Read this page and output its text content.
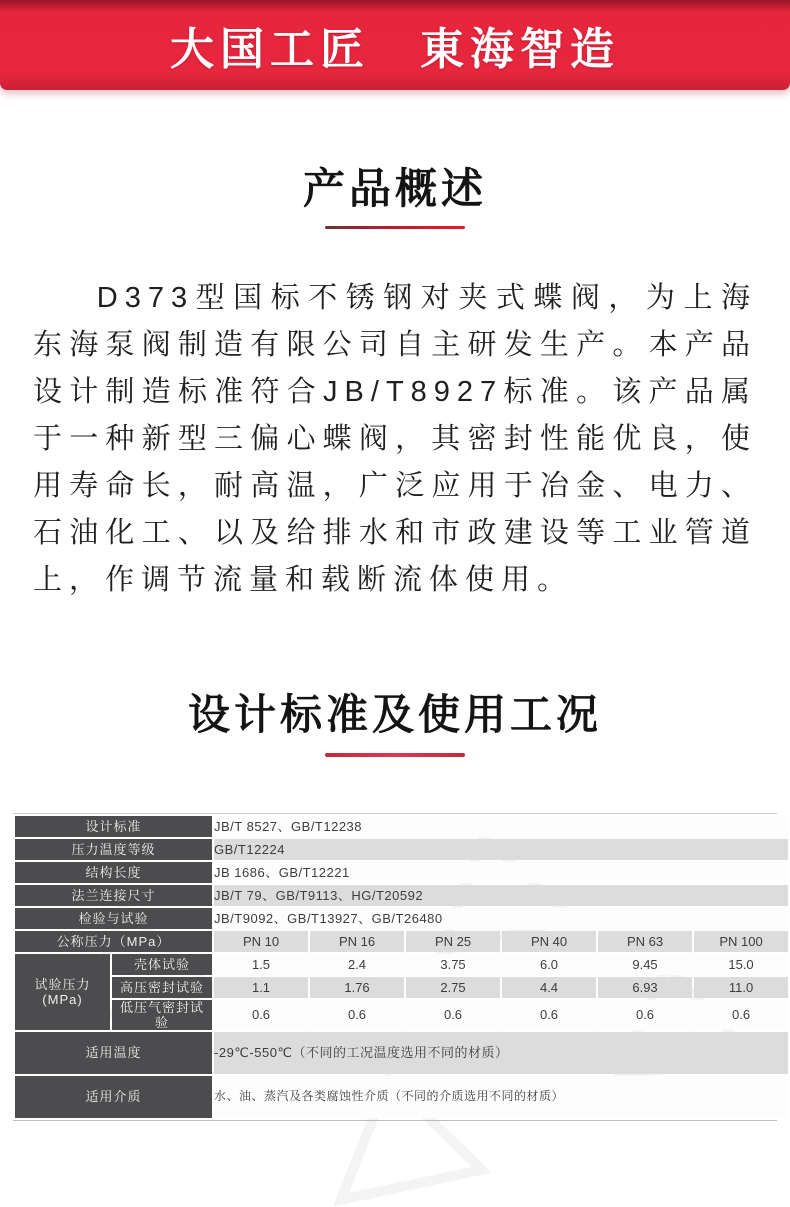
大国工匠　東海智造
产品概述

D373型国标不锈钢对夹式蝶阀，为上海东海泵阀制造有限公司自主研发生产。本产品设计制造标准符合JB/T8927标准。该产品属于一种新型三偏心蝶阀，其密封性能优良，使用寿命长，耐高温，广泛应用于冶金、电力、石油化工、以及给排水和市政建设等工业管道上，作调节流量和载断流体使用。

设计标准及使用工况
设计标准		JB/T 8527、GB/T12238					
压力温度等级		GB/T12224					
结构长度		JB 1686、GB/T12221					
法兰连接尺寸		JB/T 79、GB/T9113、HG/T20592					
检验与试验		JB/T9092、GB/T13927、GB/T26480					
公称压力（MPa）		PN 10	PN 16	PN 25	PN 40	PN 63	PN 100
试验压力(MPa)	壳体试验	1.5	2.4	3.75	6.0	9.45	15.0
	高压密封试验	1.1	1.76	2.75	4.4	6.93	11.0
	低压气密封试验	0.6	0.6	0.6	0.6	0.6	0.6
适用温度		-29℃-550℃（不同的工况温度选用不同的材质）					
适用介质		水、油、蒸汽及各类腐蚀性介质（不同的介质选用不同的材质）					
